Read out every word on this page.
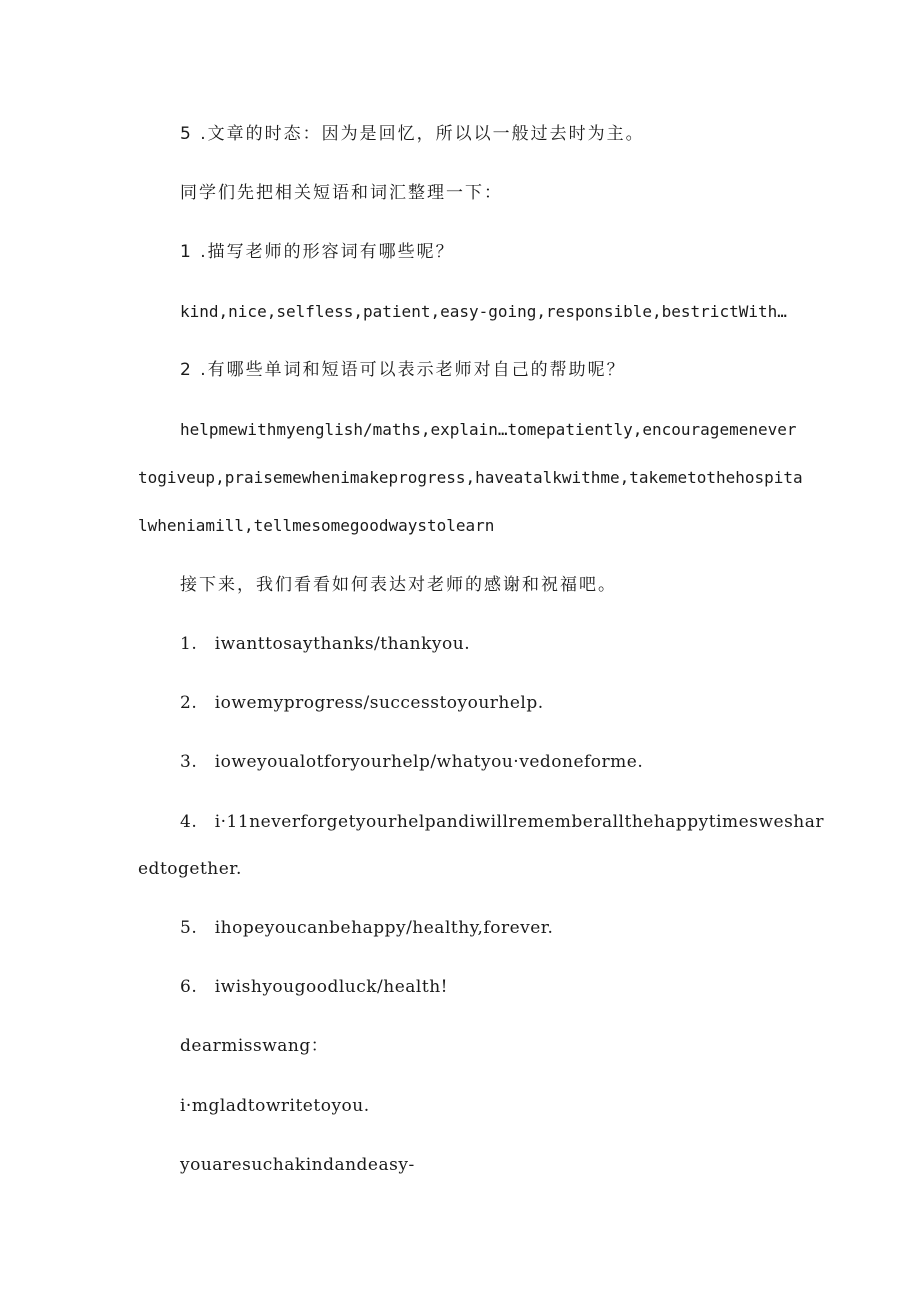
5 .文章的时态：因为是回忆，所以以一般过去时为主。
同学们先把相关短语和词汇整理一下：
1 .描写老师的形容词有哪些呢？
kind,nice,selfless,patient,easy-going,responsible,bestrictWith…
2 .有哪些单词和短语可以表示老师对自己的帮助呢？
helpmewithmyenglish/maths,explain…tomepatiently,encouragemenever
togiveup,praisemewhenimakeprogress,haveatalkwithme,takemetothehospita
lwheniamill,tellmesomegoodwaystolearn
接下来，我们看看如何表达对老师的感谢和祝福吧。
1. iwanttosaythanks/thankyou.
2. iowemyprogress/successtoyourhelp.
3. ioweyoualotforyourhelp/whatyou·vedoneforme.
4. i·11neverforgetyourhelpandiwillrememberallthehappytimesweshar
edtogether.
5. ihopeyoucanbehappy/healthy,forever.
6. iwishyougoodluck/health!
dearmisswang：
i·mgladtowritetoyou.
youaresuchakindandeasy-
